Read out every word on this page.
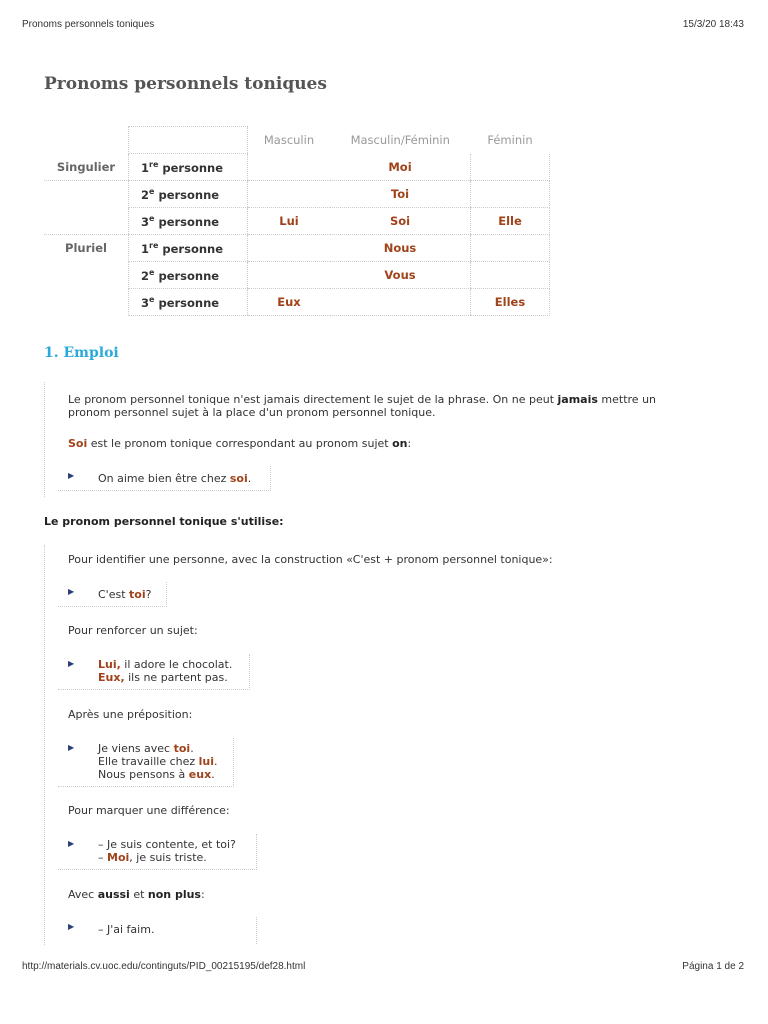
Pronoms personnels toniques	15/3/20 18:43
Pronoms personnels toniques
		Masculin	Masculin/Féminin	Féminin
Singulier	1re personne		Moi	
	2e personne		Toi	
	3e personne	Lui	Soi	Elle
Pluriel	1re personne		Nous	
	2e personne		Vous	
	3e personne	Eux		Elles
1. Emploi
Le pronom personnel tonique n'est jamais directement le sujet de la phrase. On ne peut jamais mettre un
pronom personnel sujet à la place d'un pronom personnel tonique.
Soi est le pronom tonique correspondant au pronom sujet on:
▶ On aime bien être chez soi.
Le pronom personnel tonique s'utilise:
Pour identifier une personne, avec la construction «C'est + pronom personnel tonique»:
▶ C'est toi?
Pour renforcer un sujet:
▶ Lui, il adore le chocolat.
Eux, ils ne partent pas.
Après une préposition:
▶ Je viens avec toi.
Elle travaille chez lui.
Nous pensons à eux.
Pour marquer une différence:
▶ – Je suis contente, et toi?
– Moi, je suis triste.
Avec aussi et non plus:
▶ – J'ai faim.
http://materials.cv.uoc.edu/continguts/PID_00215195/def28.html	Página 1 de 2
